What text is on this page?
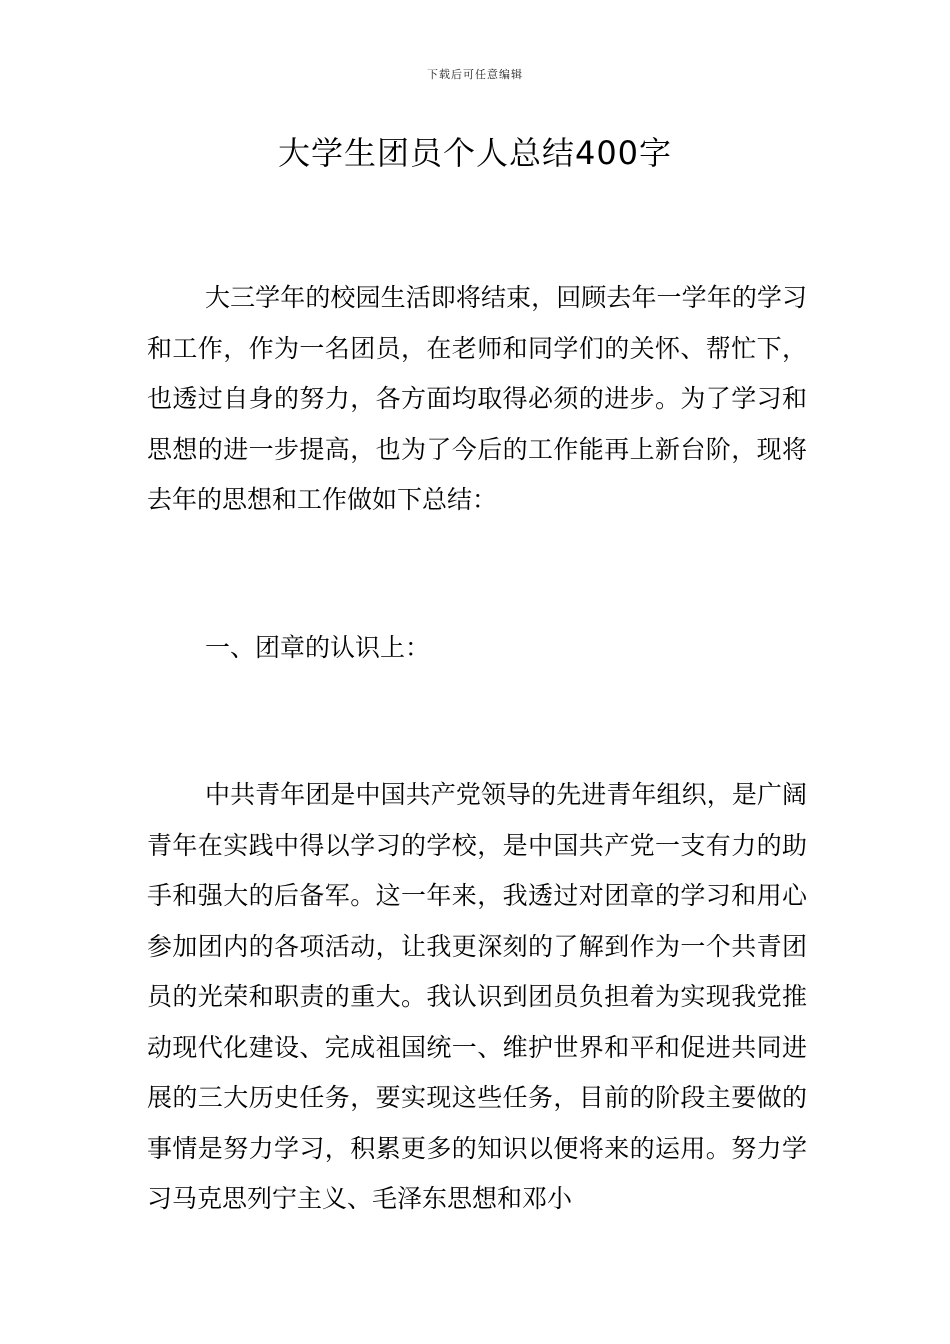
下载后可任意编辑
大学生团员个人总结400字

大三学年的校园生活即将结束，回顾去年一学年的学习和工作，作为一名团员，在老师和同学们的关怀、帮忙下，也透过自身的努力，各方面均取得必须的进步。为了学习和思想的进一步提高，也为了今后的工作能再上新台阶，现将去年的思想和工作做如下总结：

一、团章的认识上：

中共青年团是中国共产党领导的先进青年组织，是广阔青年在实践中得以学习的学校，是中国共产党一支有力的助手和强大的后备军。这一年来，我透过对团章的学习和用心参加团内的各项活动，让我更深刻的了解到作为一个共青团员的光荣和职责的重大。我认识到团员负担着为实现我党推动现代化建设、完成祖国统一、维护世界和平和促进共同进展的三大历史任务，要实现这些任务，目前的阶段主要做的事情是努力学习，积累更多的知识以便将来的运用。努力学习马克思列宁主义、毛泽东思想和邓小
